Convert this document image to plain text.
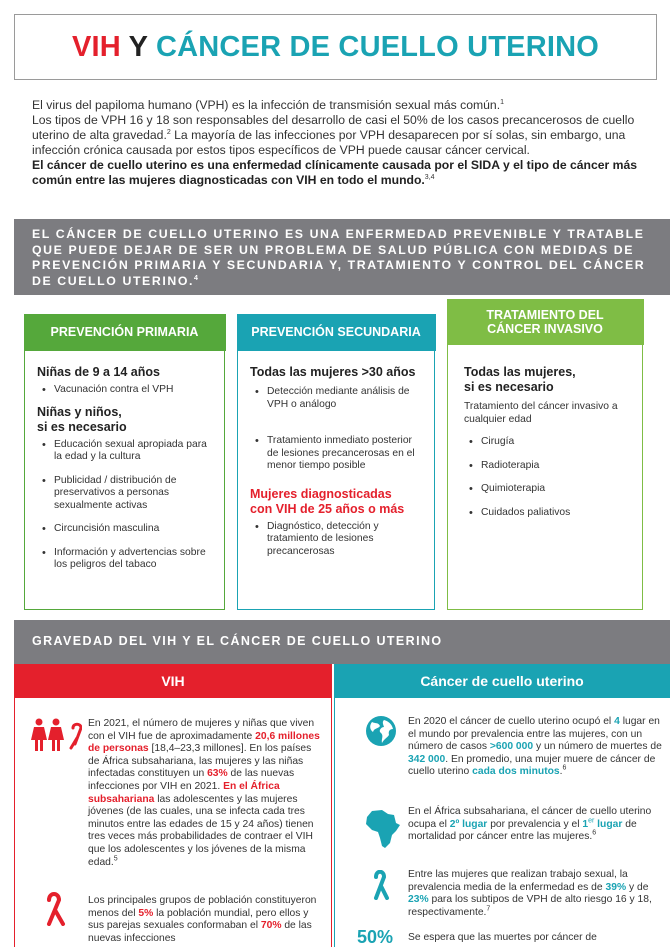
VIH Y CÁNCER DE CUELLO UTERINO

El virus del papiloma humano (VPH) es la infección de transmisión sexual más común.$^1$

Los tipos de VPH 16 y 18 son responsables del desarrollo de casi el 50% de los casos precancerosos de cuello uterino de alta gravedad.$^2$ La mayoría de las infecciones por VPH desaparecen por sí solas, sin embargo, una infección crónica causada por estos tipos específicos de VPH puede causar cáncer cervical.

El cáncer de cuello uterino es una enfermedad clínicamente causada por el SIDA y el tipo de cáncer más común entre las mujeres diagnosticadas con VIH en todo el mundo.$^{3,4}$

EL CÁNCER DE CUELLO UTERINO ES UNA ENFERMEDAD PREVENIBLE Y TRATABLE QUE PUEDE DEJAR DE SER UN PROBLEMA DE SALUD PÚBLICA CON MEDIDAS DE PREVENCIÓN PRIMARIA Y SECUNDARIA Y, TRATAMIENTO Y CONTROL DEL CÁNCER DE CUELLO UTERINO.$^4$
PREVENCIÓN PRIMARIA
Niñas de 9 a 14 años
• Vacunación contra el VPH
Niñas y niños,
si es necesario
• Educación sexual apropiada para la edad y la cultura
• Publicidad / distribución de preservativos a personas sexualmente activas
• Circuncisión masculina
• Información y advertencias sobre los peligros del tabaco
PREVENCIÓN SECUNDARIA
Todas las mujeres >30 años
• Detección mediante análisis de VPH o análogo
• Tratamiento inmediato posterior de lesiones precancerosas en el menor tiempo posible
Mujeres diagnosticadas
con VIH de 25 años o más
• Diagnóstico, detección y tratamiento de lesiones precancerosas
TRATAMIENTO DEL
CÁNCER INVASIVO
Todas las mujeres,
si es necesario
Tratamiento del cáncer invasivo a cualquier edad
• Cirugía
• Radioterapia
• Quimioterapia
• Cuidados paliativos
GRAVEDAD DEL VIH Y EL CÁNCER DE CUELLO UTERINO
VIH	Cáncer de cuello uterino
En 2021, el número de mujeres y niñas que viven con el VIH fue de aproximadamente 20,6 millones de personas [18,4–23,3 millones]. En los países de África subsahariana, las mujeres y las niñas infectadas constituyen un 63% de las nuevas infecciones por VIH en 2021. En el África subsahariana las adolescentes y las mujeres jóvenes (de las cuales, una se infecta cada tres minutos entre las edades de 15 y 24 años) tienen tres veces más probabilidades de contraer el VIH que los adolescentes y los jóvenes de la misma edad.$^5$
Los principales grupos de población constituyeron menos del 5% la población mundial, pero ellos y sus parejas sexuales conformaban el 70% de las nuevas infecciones
En 2020 el cáncer de cuello uterino ocupó el 4 lugar en el mundo por prevalencia entre las mujeres, con un número de casos >600 000 y un número de muertes de 342 000. En promedio, una mujer muere de cáncer de cuello uterino cada dos minutos.$^6$
En el África subsahariana, el cáncer de cuello uterino ocupa el 2º lugar por prevalencia y el 1er lugar de mortalidad por cáncer entre las mujeres.$^6$
Entre las mujeres que realizan trabajo sexual, la prevalencia media de la enfermedad es de 39% y de 23% para los subtipos de VPH de alto riesgo 16 y 18, respectivamente.$^7$
50% Se espera que las muertes por cáncer de
